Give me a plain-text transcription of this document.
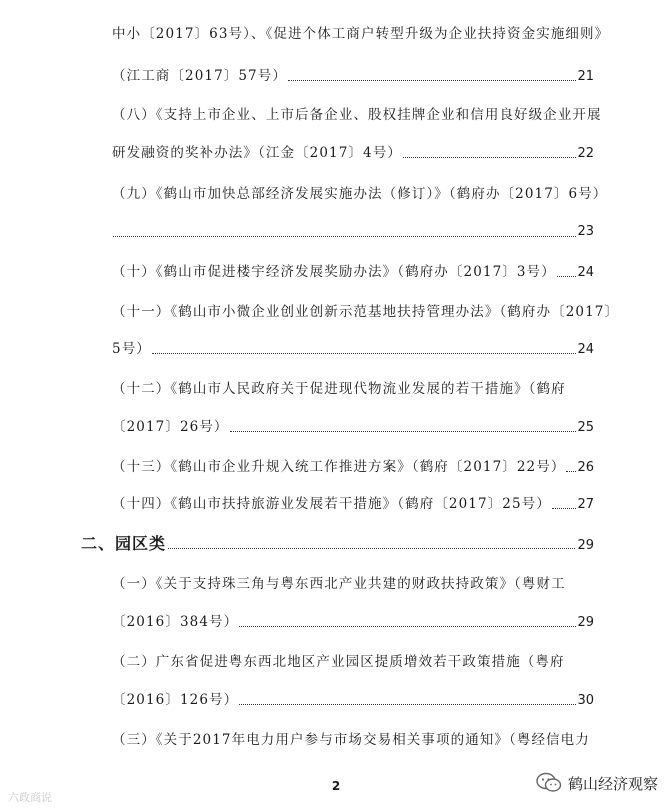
中小〔2017〕63号）、《促进个体工商户转型升级为企业扶持资金实施细则》
（江工商〔2017〕57号）	21
（八）《支持上市企业、上市后备企业、股权挂牌企业和信用良好级企业开展
研发融资的奖补办法》（江金〔2017〕4号）	22
（九）《鹤山市加快总部经济发展实施办法（修订）》（鹤府办〔2017〕6号）
23
（十）《鹤山市促进楼宇经济发展奖励办法》（鹤府办〔2017〕3号） 24
（十一）《鹤山市小微企业创业创新示范基地扶持管理办法》（鹤府办〔2017〕
5号）	24
（十二）《鹤山市人民政府关于促进现代物流业发展的若干措施》（鹤府
〔2017〕26号）	25
（十三）《鹤山市企业升规入统工作推进方案》（鹤府〔2017〕22号） 26
（十四）《鹤山市扶持旅游业发展若干措施》（鹤府〔2017〕25号） 27
二、园区类	29
（一）《关于支持珠三角与粤东西北产业共建的财政扶持政策》（粤财工
〔2016〕384号）	29
（二）广东省促进粤东西北地区产业园区提质增效若干政策措施（粤府
〔2016〕126号）	30
（三）《关于2017年电力用户参与市场交易相关事项的通知》（粤经信电力
2
六政商说
鹤山经济观察
